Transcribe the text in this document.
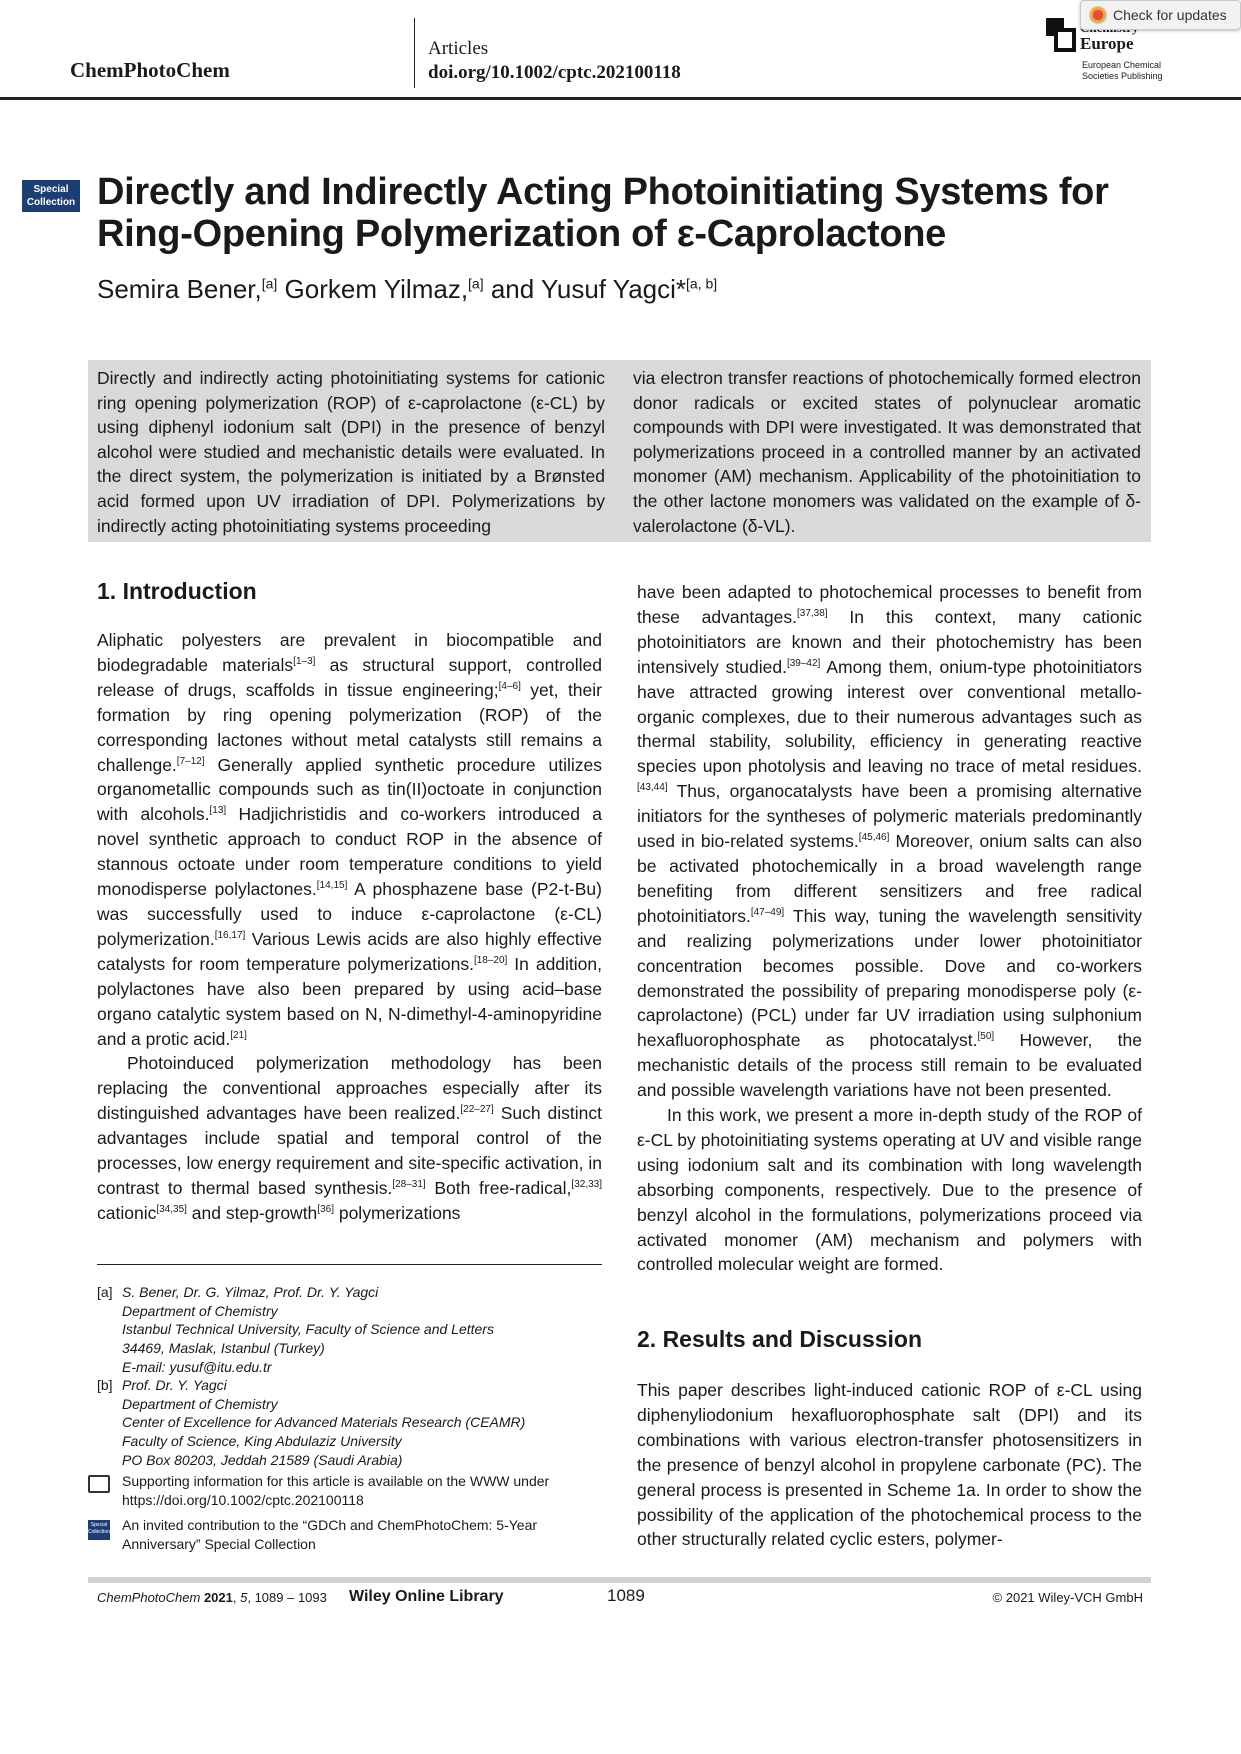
ChemPhotoChem
Articles
doi.org/10.1002/cptc.202100118
Europe
European Chemical
Societies Publishing
Check for updates
Special
Collection Directly and Indirectly Acting Photoinitiating Systems for
Ring-Opening Polymerization of ε-Caprolactone
Semira Bener,[a] Gorkem Yilmaz,[a] and Yusuf Yagci*[a, b]
Directly and indirectly acting photoinitiating systems for cationic ring opening polymerization (ROP) of ε-caprolactone (ε-CL) by using diphenyl iodonium salt (DPI) in the presence of benzyl alcohol were studied and mechanistic details were evaluated. In the direct system, the polymerization is initiated by a Brønsted acid formed upon UV irradiation of DPI. Polymerizations by indirectly acting photoinitiating systems proceeding
via electron transfer reactions of photochemically formed electron donor radicals or excited states of polynuclear aromatic compounds with DPI were investigated. It was demonstrated that polymerizations proceed in a controlled manner by an activated monomer (AM) mechanism. Applicability of the photoinitiation to the other lactone monomers was validated on the example of δ- valerolactone (δ-VL).
1. Introduction

Aliphatic polyesters are prevalent in biocompatible and biodegradable materials[1–3] as structural support, controlled release of drugs, scaffolds in tissue engineering;[4–6] yet, their formation by ring opening polymerization (ROP) of the corresponding lactones without metal catalysts still remains a challenge.[7–12] Generally applied synthetic procedure utilizes organometallic compounds such as tin(II)octoate in conjunction with alcohols.[13] Hadjichristidis and co-workers introduced a novel synthetic approach to conduct ROP in the absence of stannous octoate under room temperature conditions to yield monodisperse polylactones.[14,15] A phosphazene base (P2-t-Bu) was successfully used to induce ε-caprolactone (ε-CL) polymerization.[16,17] Various Lewis acids are also highly effective catalysts for room temperature polymerizations.[18–20] In addition, polylactones have also been prepared by using acid–base organo catalytic system based on N, N-dimethyl-4-aminopyridine and a protic acid.[21]

Photoinduced polymerization methodology has been replacing the conventional approaches especially after its distinguished advantages have been realized.[22–27] Such distinct advantages include spatial and temporal control of the processes, low energy requirement and site-specific activation, in contrast to thermal based synthesis.[28–31] Both free-radical,[32,33] cationic[34,35] and step-growth[36] polymerizations

have been adapted to photochemical processes to benefit from these advantages.[37,38] In this context, many cationic photoinitiators are known and their photochemistry has been intensively studied.[39–42] Among them, onium-type photoinitiators have attracted growing interest over conventional metallo-organic complexes, due to their numerous advantages such as thermal stability, solubility, efficiency in generating reactive species upon photolysis and leaving no trace of metal residues.[43,44] Thus, organocatalysts have been a promising alternative initiators for the syntheses of polymeric materials predominantly used in bio-related systems.[45,46] Moreover, onium salts can also be activated photochemically in a broad wavelength range benefiting from different sensitizers and free radical photoinitiators.[47–49] This way, tuning the wavelength sensitivity and realizing polymerizations under lower photoinitiator concentration becomes possible. Dove and co-workers demonstrated the possibility of preparing monodisperse poly (ε-caprolactone) (PCL) under far UV irradiation using sulphonium hexafluorophosphate as photocatalyst.[50] However, the mechanistic details of the process still remain to be evaluated and possible wavelength variations have not been presented.

In this work, we present a more in-depth study of the ROP of ε-CL by photoinitiating systems operating at UV and visible range using iodonium salt and its combination with long wavelength absorbing components, respectively. Due to the presence of benzyl alcohol in the formulations, polymerizations proceed via activated monomer (AM) mechanism and polymers with controlled molecular weight are formed.

2. Results and Discussion

This paper describes light-induced cationic ROP of ε-CL using diphenyliodonium hexafluorophosphate salt (DPI) and its combinations with various electron-transfer photosensitizers in the presence of benzyl alcohol in propylene carbonate (PC). The general process is presented in Scheme 1a. In order to show the possibility of the application of the photochemical process to the other structurally related cyclic esters, polymer-

[a] S. Bener, Dr. G. Yilmaz, Prof. Dr. Y. Yagci
Department of Chemistry
Istanbul Technical University, Faculty of Science and Letters
34469, Maslak, Istanbul (Turkey)
E-mail: yusuf@itu.edu.tr
[b] Prof. Dr. Y. Yagci
Department of Chemistry
Center of Excellence for Advanced Materials Research (CEAMR)
Faculty of Science, King Abdulaziz University
PO Box 80203, Jeddah 21589 (Saudi Arabia)
Supporting information for this article is available on the WWW under https://doi.org/10.1002/cptc.202100118
Special
Collection An invited contribution to the “GDCh and ChemPhotoChem: 5-Year Anniversary” Special Collection
ChemPhotoChem 2021, 5, 1089 – 1093 Wiley Online Library	1089	© 2021 Wiley-VCH GmbH
